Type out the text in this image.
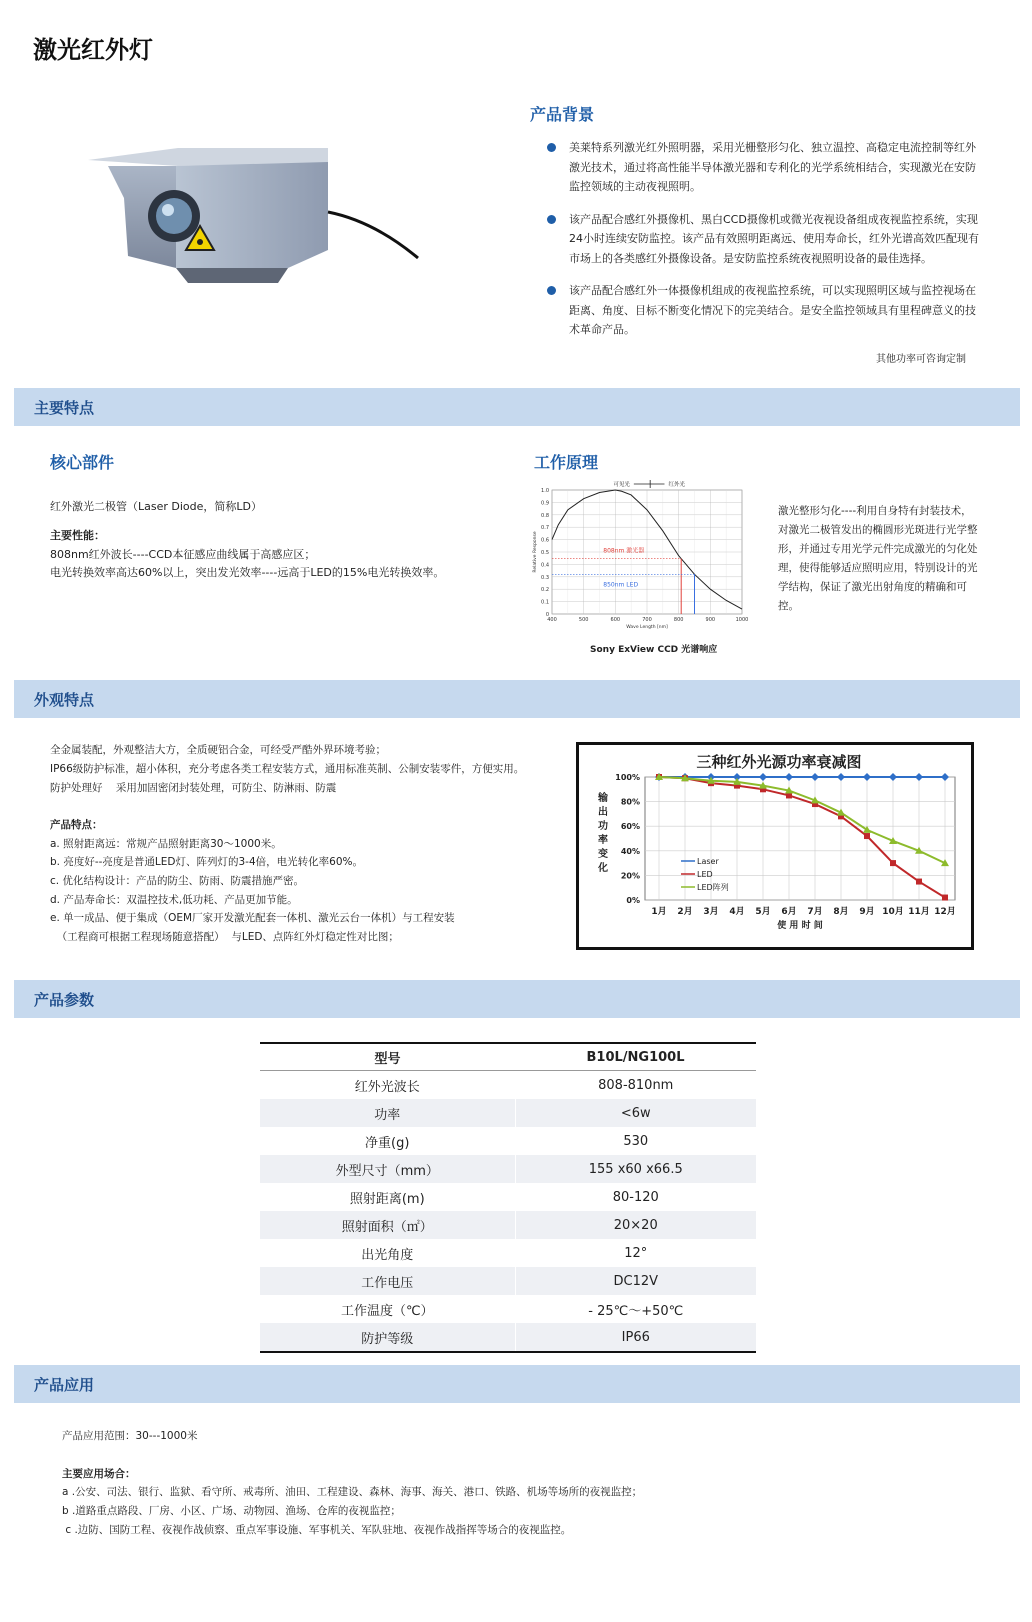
激光红外灯
产品背景
美莱特系列激光红外照明器，采用光栅整形匀化、独立温控、高稳定电流控制等红外激光技术，通过将高性能半导体激光器和专利化的光学系统相结合，实现激光在安防监控领域的主动夜视照明。
该产品配合感红外摄像机、黑白CCD摄像机或微光夜视设备组成夜视监控系统，实现24小时连续安防监控。该产品有效照明距离远、使用寿命长，红外光谱高效匹配现有市场上的各类感红外摄像设备。是安防监控系统夜视照明设备的最佳选择。
该产品配合感红外一体摄像机组成的夜视监控系统，可以实现照明区域与监控视场在距离、角度、目标不断变化情况下的完美结合。是安全监控领域具有里程碑意义的技术革命产品。
其他功率可咨询定制
主要特点
核心部件
红外激光二极管（Laser Diode，简称LD）
主要性能：
808nm红外波长----CCD本征感应曲线属于高感应区；
电光转换效率高达60%以上，突出发光效率----远高于LED的15%电光转换效率。
工作原理
0
0.1
0.2
0.3
0.4
0.5
0.6
0.7
0.8
0.9
1.0
400	500	600	700	800	900	1000
Wave Length [nm]
Relative Response
可见光	红外光
808nm 激光器
850nm LED
Sony ExView CCD 光谱响应
激光整形匀化----利用自身特有封装技术，对激光二极管发出的椭圆形光斑进行光学整形，并通过专用光学元件完成激光的匀化处理，使得能够适应照明应用，特别设计的光学结构，保证了激光出射角度的精确和可控。
外观特点
全金属装配，外观整洁大方，全质硬铝合金，可经受严酷外界环境考验；
IP66级防护标准，超小体积，充分考虑各类工程安装方式，通用标准英制、公制安装零件，方便实用。
防护处理好    采用加固密闭封装处理，可防尘、防淋雨、防震
产品特点：
a. 照射距离远：常规产品照射距离30～1000米。
b. 亮度好--亮度是普通LED灯、阵列灯的3-4倍，电光转化率60%。
c. 优化结构设计：产品的防尘、防雨、防震措施严密。
d. 产品寿命长：双温控技术,低功耗、产品更加节能。
e. 单一成品、便于集成（OEM厂家开发激光配套一体机、激光云台一体机）与工程安装
（工程商可根据工程现场随意搭配）  与LED、点阵红外灯稳定性对比图；
三种红外光源功率衰减图
0%
20%
40%
60%
80%
100%
1月 2月 3月 4月 5月 6月 7月 8月 9月 10月 11月 12月
使 用 时 间
输
出
功
率
变
化
Laser
LED
LED阵列
产品参数
型号	B10L/NG100L
红外光波长	808-810nm
功率	<6w
净重(g)	530
外型尺寸（mm）	155 x60 x66.5
照射距离(m)	80-120
照射面积（㎡）	20×20
出光角度	12°
工作电压	DC12V
工作温度（℃）	- 25℃～+50℃
防护等级	IP66
产品应用
产品应用范围：30---1000米
主要应用场合：
a .公安、司法、银行、监狱、看守所、戒毒所、油田、工程建设、森林、海事、海关、港口、铁路、机场等场所的夜视监控；
b .道路重点路段、厂房、小区、广场、动物园、渔场、仓库的夜视监控；
c .边防、国防工程、夜视作战侦察、重点军事设施、军事机关、军队驻地、夜视作战指挥等场合的夜视监控。
